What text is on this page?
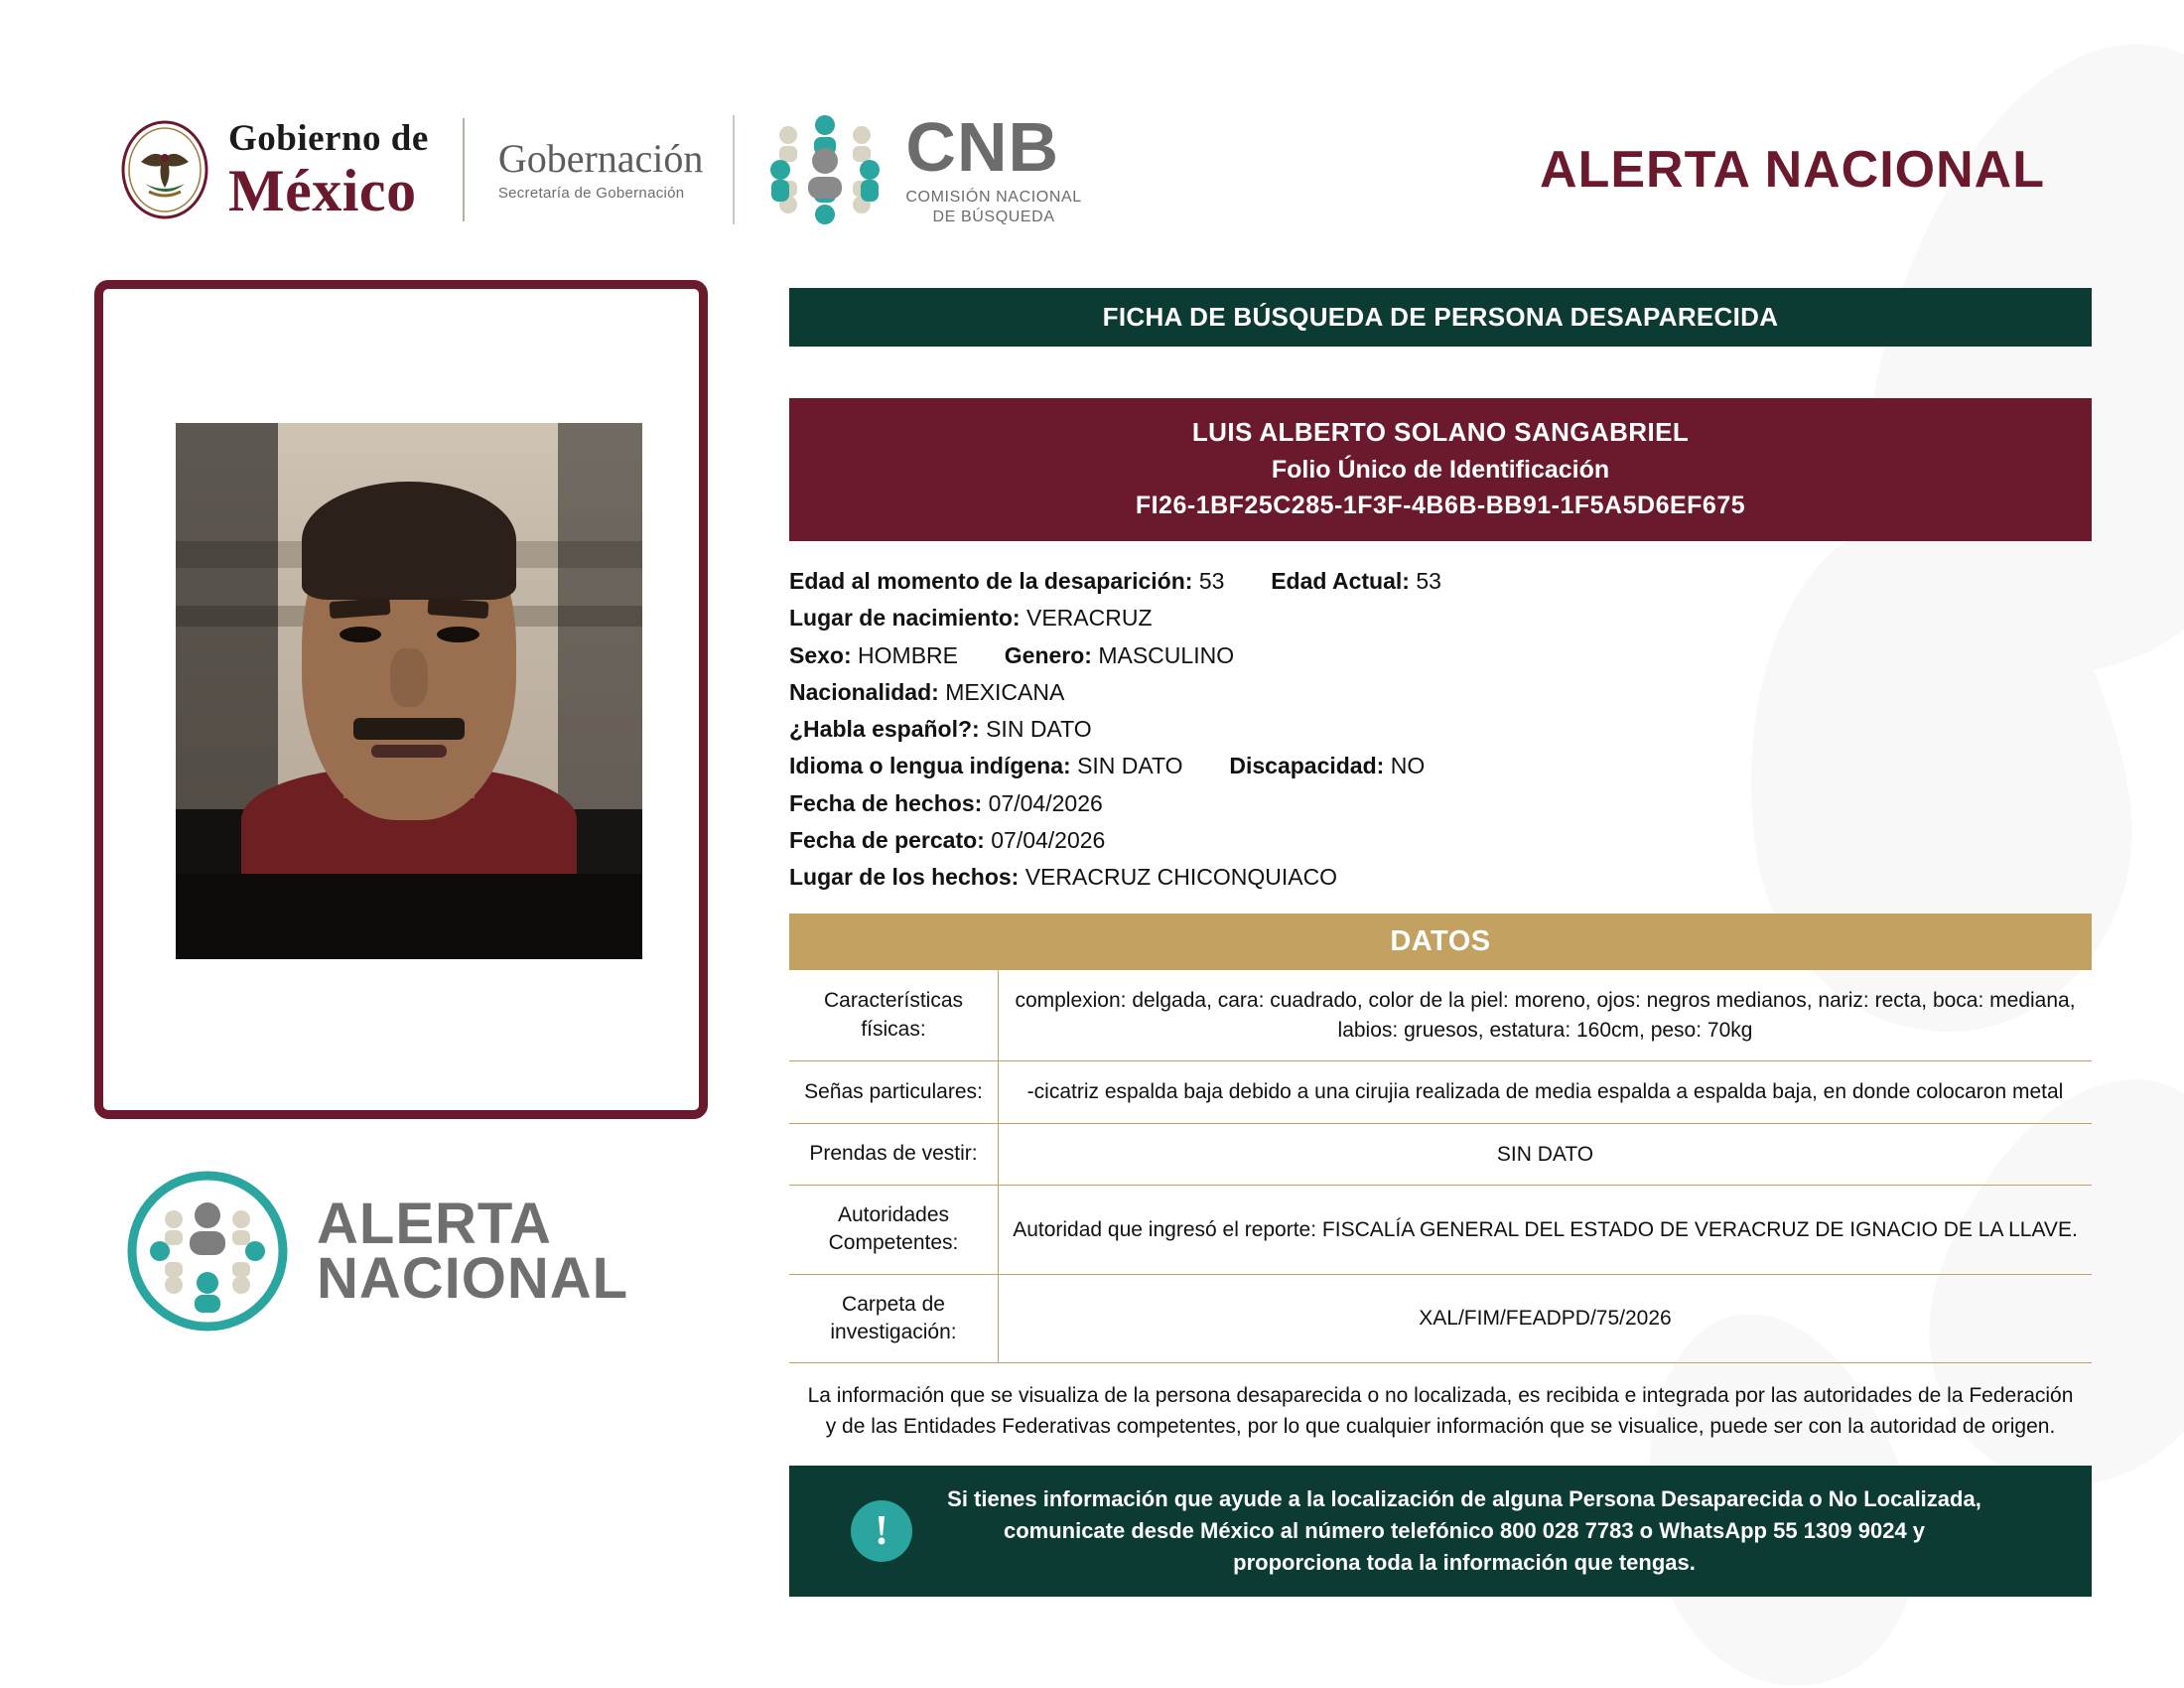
Gobierno de
México	Gobernación
Secretaría de Gobernación
CNB
COMISIÓN NACIONAL
DE BÚSQUEDA
ALERTA NACIONAL
ALERTA
NACIONAL
FICHA DE BÚSQUEDA DE PERSONA DESAPARECIDA
LUIS ALBERTO SOLANO SANGABRIEL
Folio Único de Identificación
FI26-1BF25C285-1F3F-4B6B-BB91-1F5A5D6EF675
Edad al momento de la desaparición: 53 Edad Actual: 53
Lugar de nacimiento: VERACRUZ
Sexo: HOMBRE Genero: MASCULINO
Nacionalidad: MEXICANA
¿Habla español?: SIN DATO
Idioma o lengua indígena: SIN DATO Discapacidad: NO
Fecha de hechos: 07/04/2026
Fecha de percato: 07/04/2026
Lugar de los hechos: VERACRUZ CHICONQUIACO
DATOS
Características físicas:	complexion: delgada, cara: cuadrado, color de la piel: moreno, ojos: negros medianos, nariz: recta, boca: mediana, labios: gruesos, estatura: 160cm, peso: 70kg
Señas particulares:	-cicatriz espalda baja debido a una cirujia realizada de media espalda a espalda baja, en donde colocaron metal
Prendas de vestir:	SIN DATO
Autoridades Competentes:	Autoridad que ingresó el reporte: FISCALÍA GENERAL DEL ESTADO DE VERACRUZ DE IGNACIO DE LA LLAVE.
Carpeta de investigación:	XAL/FIM/FEADPD/75/2026
La información que se visualiza de la persona desaparecida o no localizada, es recibida e integrada por las autoridades de la Federación y de las Entidades Federativas competentes, por lo que cualquier información que se visualice, puede ser con la autoridad de origen.
!
Si tienes información que ayude a la localización de alguna Persona Desaparecida o No Localizada, comunicate desde México al número telefónico 800 028 7783 o WhatsApp 55 1309 9024 y proporciona toda la información que tengas.
